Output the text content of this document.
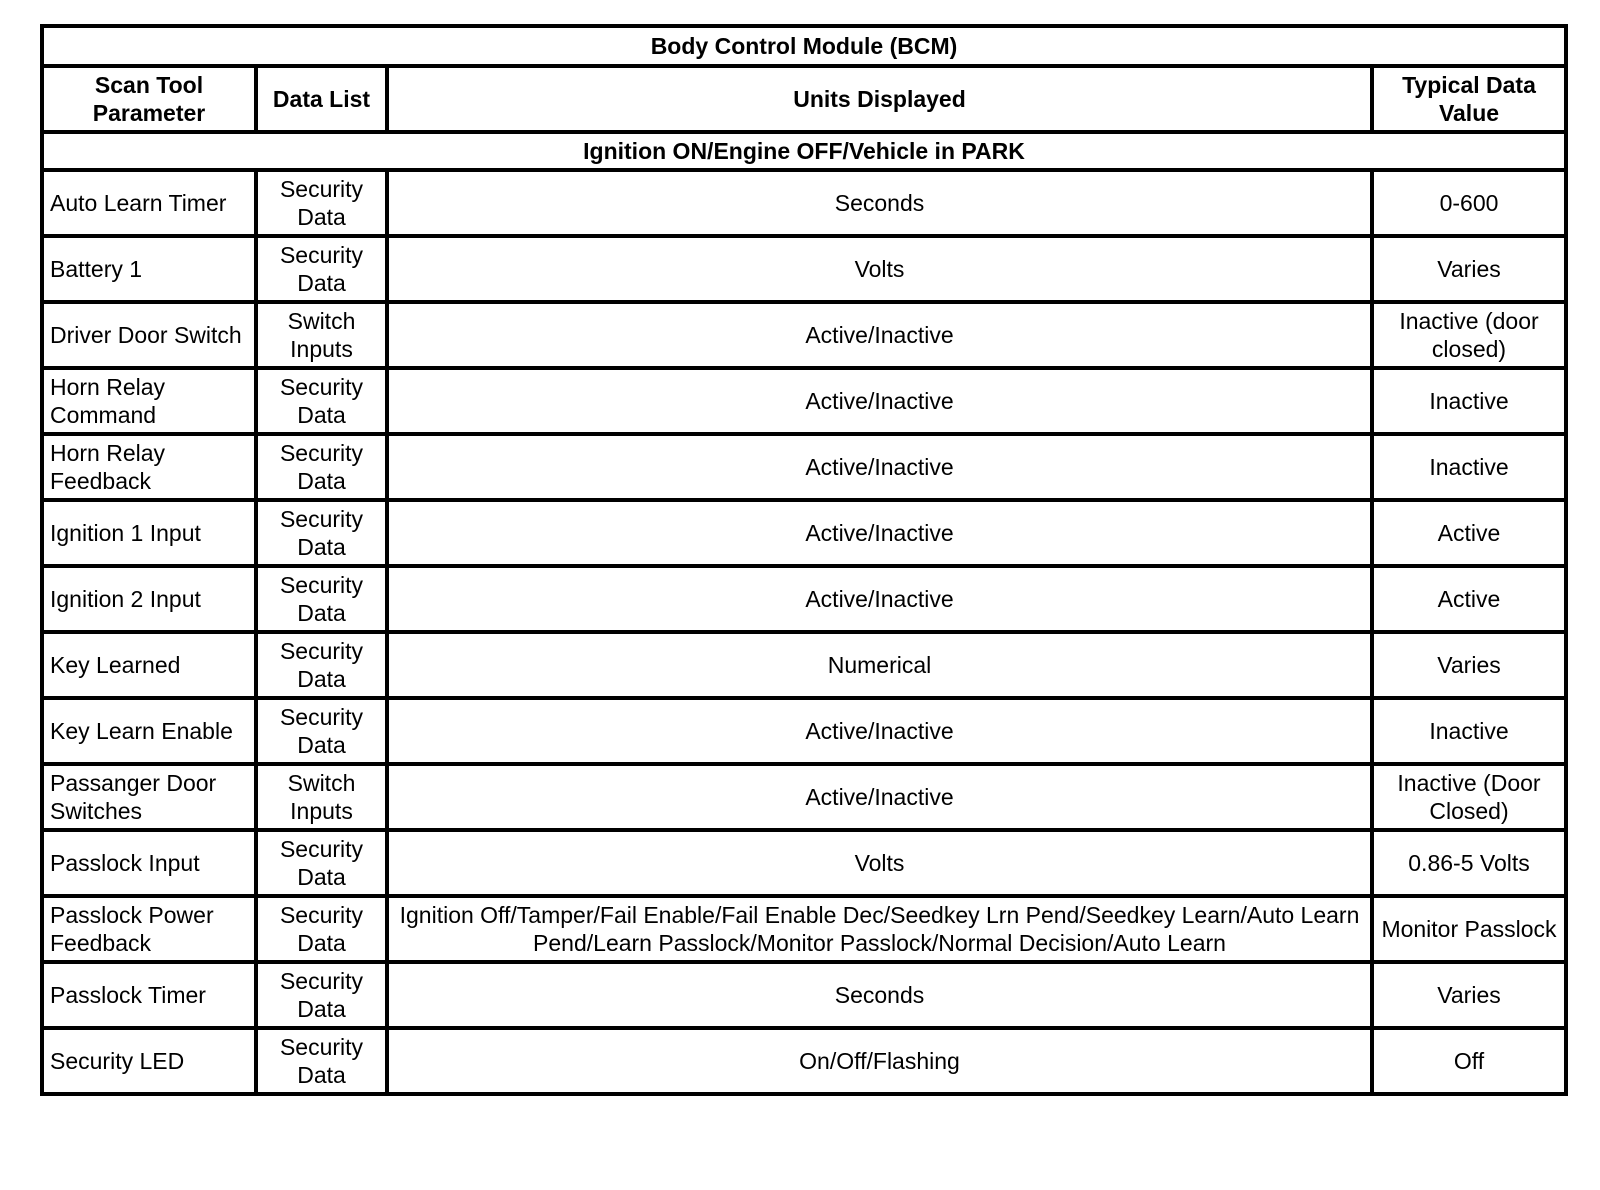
Body Control Module (BCM)			
Scan Tool Parameter	Data List	Units Displayed	Typical Data Value
Ignition ON/Engine OFF/Vehicle in PARK			
Auto Learn Timer	Security Data	Seconds	0-600
Battery 1	Security Data	Volts	Varies
Driver Door Switch	Switch Inputs	Active/Inactive	Inactive (door closed)
Horn Relay Command	Security Data	Active/Inactive	Inactive
Horn Relay Feedback	Security Data	Active/Inactive	Inactive
Ignition 1 Input	Security Data	Active/Inactive	Active
Ignition 2 Input	Security Data	Active/Inactive	Active
Key Learned	Security Data	Numerical	Varies
Key Learn Enable	Security Data	Active/Inactive	Inactive
Passanger Door Switches	Switch Inputs	Active/Inactive	Inactive (Door Closed)
Passlock Input	Security Data	Volts	0.86-5 Volts
Passlock Power Feedback	Security Data	Ignition Off/Tamper/Fail Enable/Fail Enable Dec/Seedkey Lrn Pend/Seedkey Learn/Auto Learn Pend/Learn Passlock/Monitor Passlock/Normal Decision/Auto Learn	Monitor Passlock
Passlock Timer	Security Data	Seconds	Varies
Security LED	Security Data	On/Off/Flashing	Off
